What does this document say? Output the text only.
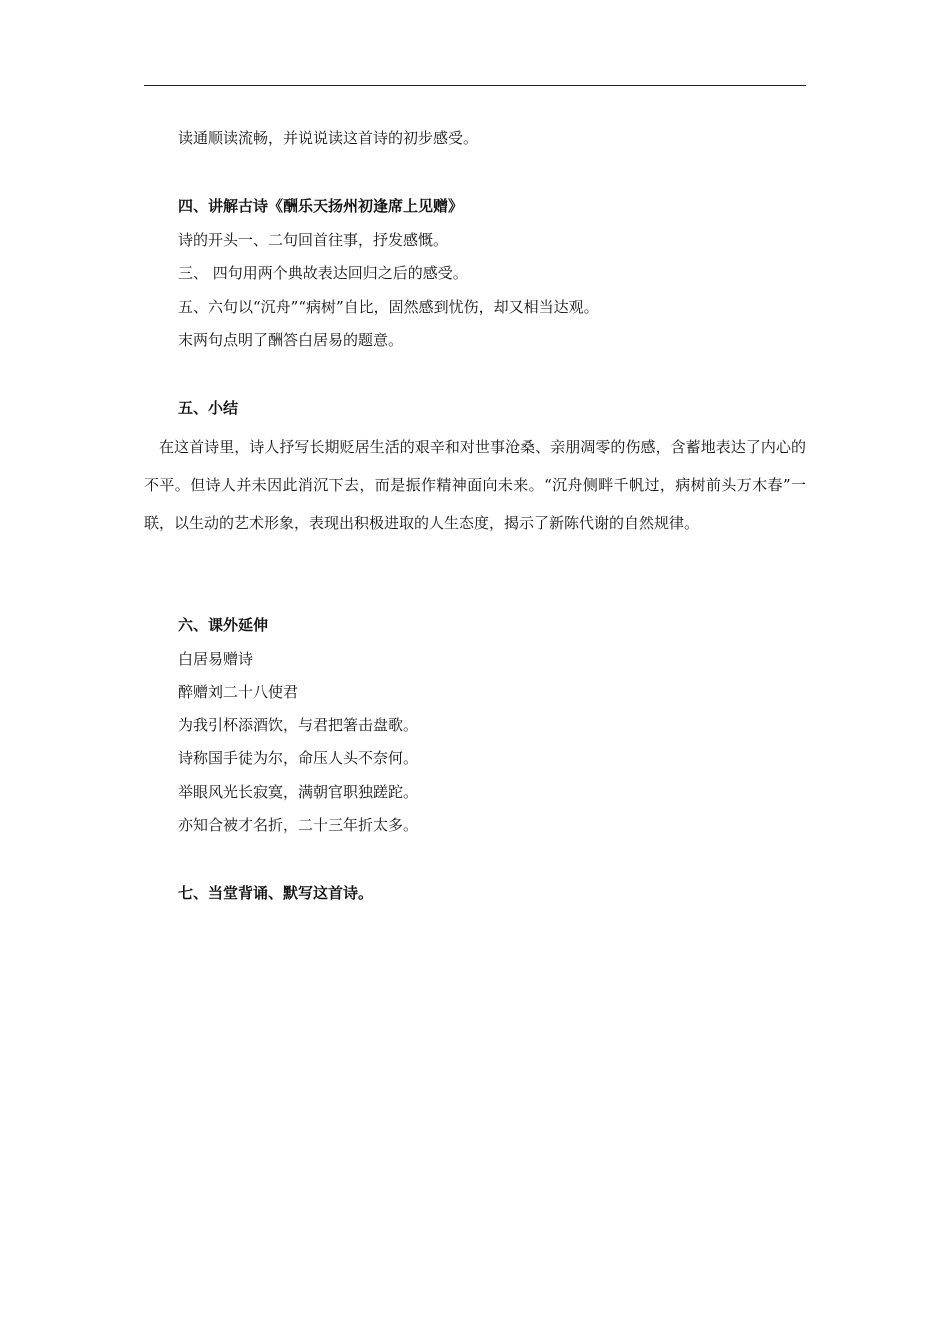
读通顺读流畅，并说说读这首诗的初步感受。
四、讲解古诗《酬乐天扬州初逢席上见赠》
诗的开头一、二句回首往事，抒发感慨。
三、 四句用两个典故表达回归之后的感受。
五、六句以“沉舟”“病树”自比，固然感到忧伤，却又相当达观。
末两句点明了酬答白居易的题意。
五、小结
在这首诗里，诗人抒写长期贬居生活的艰辛和对世事沧桑、亲朋凋零的伤感，含蓄地表达了内心的不平。但诗人并未因此消沉下去，而是振作精神面向未来。“沉舟侧畔千帆过，病树前头万木春”一联，以生动的艺术形象，表现出积极进取的人生态度，揭示了新陈代谢的自然规律。
六、课外延伸
白居易赠诗
醉赠刘二十八使君
为我引杯添酒饮，与君把箸击盘歌。
诗称国手徒为尔，命压人头不奈何。
举眼风光长寂寞，满朝官职独蹉跎。
亦知合被才名折，二十三年折太多。
七、当堂背诵、默写这首诗。
